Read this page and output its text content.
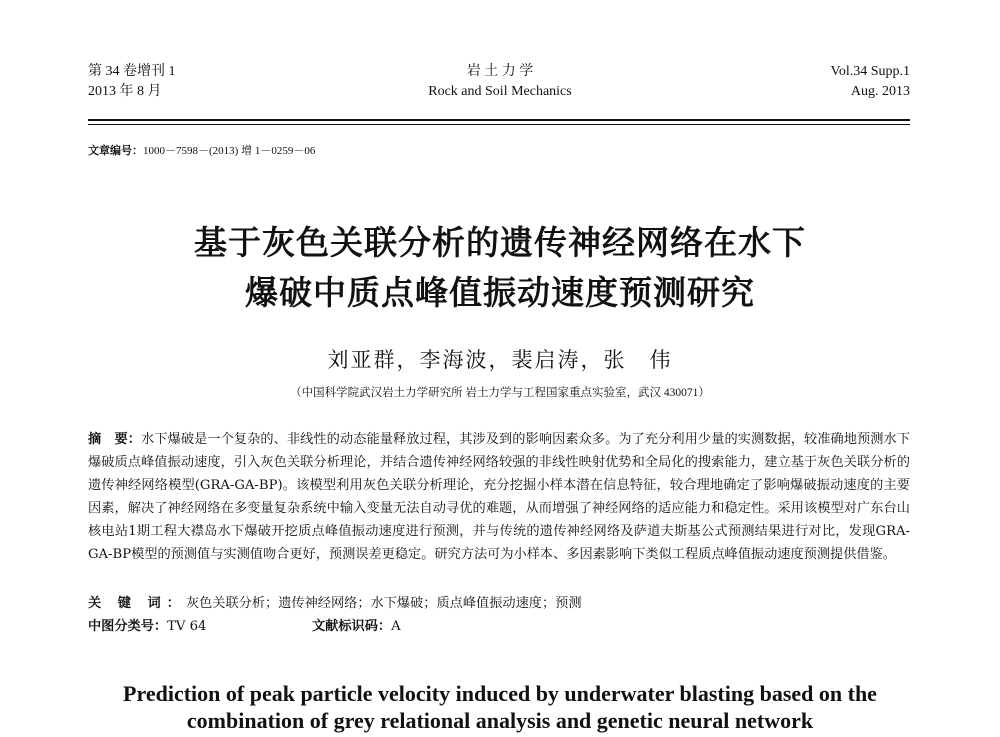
第 34 卷增刊 1
2013 年 8 月
岩 土 力 学
Rock and Soil Mechanics
Vol.34 Supp.1
Aug. 2013
文章编号：1000－7598－(2013) 增 1－0259－06
基于灰色关联分析的遗传神经网络在水下
爆破中质点峰值振动速度预测研究
刘亚群，李海波，裴启涛，张　伟
（中国科学院武汉岩土力学研究所 岩土力学与工程国家重点实验室，武汉 430071）
摘　要：水下爆破是一个复杂的、非线性的动态能量释放过程，其涉及到的影响因素众多。为了充分利用少量的实测数据，较准确地预测水下爆破质点峰值振动速度，引入灰色关联分析理论，并结合遗传神经网络较强的非线性映射优势和全局化的搜索能力，建立基于灰色关联分析的遗传神经网络模型(GRA-GA-BP)。该模型利用灰色关联分析理论，充分挖掘小样本潜在信息特征，较合理地确定了影响爆破振动速度的主要因素，解决了神经网络在多变量复杂系统中输入变量无法自动寻优的难题，从而增强了神经网络的适应能力和稳定性。采用该模型对广东台山核电站1期工程大襟岛水下爆破开挖质点峰值振动速度进行预测，并与传统的遗传神经网络及萨道夫斯基公式预测结果进行对比，发现GRA-GA-BP模型的预测值与实测值吻合更好，预测误差更稳定。研究方法可为小样本、多因素影响下类似工程质点峰值振动速度预测提供借鉴。
关 键 词：灰色关联分析；遗传神经网络；水下爆破；质点峰值振动速度；预测
中图分类号：TV 64	文献标识码：A
Prediction of peak particle velocity induced by underwater blasting based on the
combination of grey relational analysis and genetic neural network
